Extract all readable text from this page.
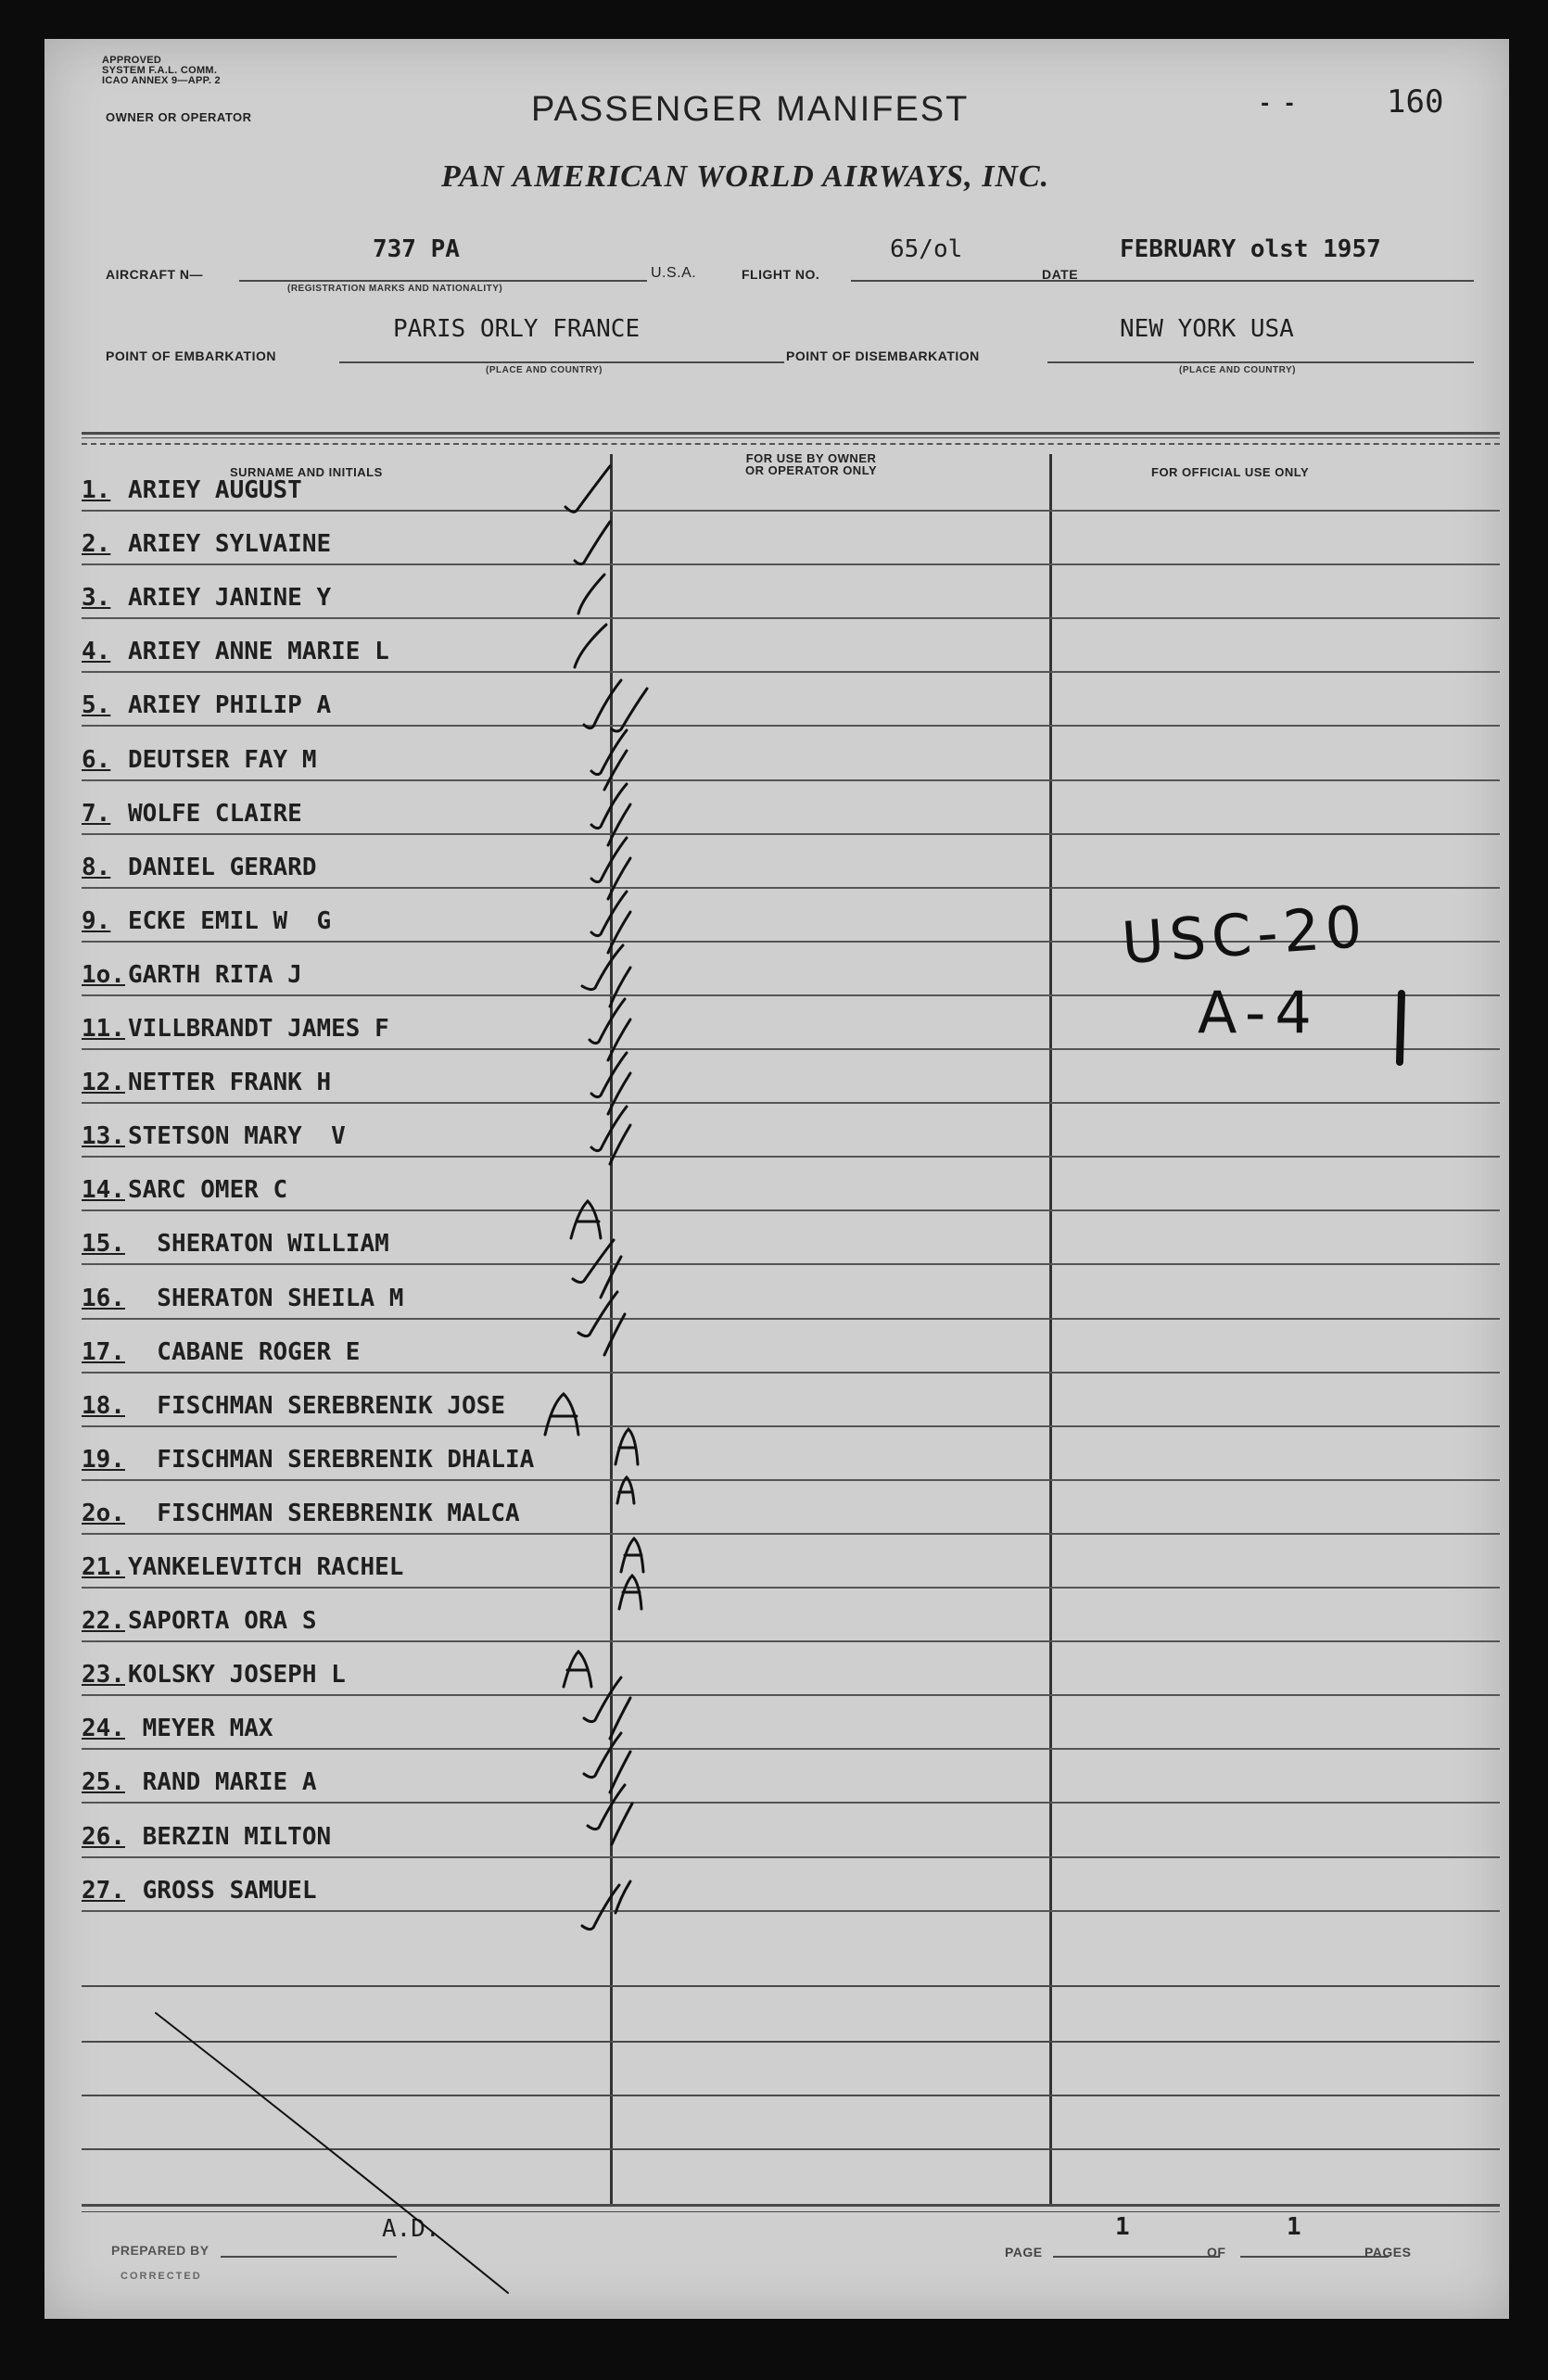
APPROVED
SYSTEM F.A.L. COMM.
ICAO ANNEX 9—APP. 2
OWNER OR OPERATOR	PASSENGER MANIFEST	- -	160
PAN AMERICAN WORLD AIRWAYS, INC.
AIRCRAFT N—
737 PA
(REGISTRATION MARKS AND NATIONALITY)
U.S.A.	FLIGHT NO.
65/ol
DATE
FEBRUARY olst 1957
POINT OF EMBARKATION
PARIS ORLY FRANCE
(PLACE AND COUNTRY)
POINT OF DISEMBARKATION
NEW YORK USA
(PLACE AND COUNTRY)
SURNAME AND INITIALS
FOR USE BY OWNER
OR OPERATOR ONLY	FOR OFFICIAL USE ONLY
1. ARIEY AUGUST
2. ARIEY SYLVAINE
3. ARIEY JANINE Y
4. ARIEY ANNE MARIE L
5. ARIEY PHILIP A
6. DEUTSER FAY M
7. WOLFE CLAIRE
8. DANIEL GERARD
9. ECKE EMIL W  G
1o. GARTH RITA J
11. VILLBRANDT JAMES F
12. NETTER FRANK H
13. STETSON MARY  V
14. SARC OMER C
15. SHERATON WILLIAM
16. SHERATON SHEILA M
17. CABANE ROGER E
18. FISCHMAN SEREBRENIK JOSE
19. FISCHMAN SEREBRENIK DHALIA
2o. FISCHMAN SEREBRENIK MALCA
21. YANKELEVITCH RACHEL
22. SAPORTA ORA S
23. KOLSKY JOSEPH L
24. MEYER MAX
25. RAND MARIE A
26. BERZIN MILTON
27. GROSS SAMUEL
USC-20
A-4
PREPARED BY
A.D.
CORRECTED
PAGE
1
OF
1
PAGES
